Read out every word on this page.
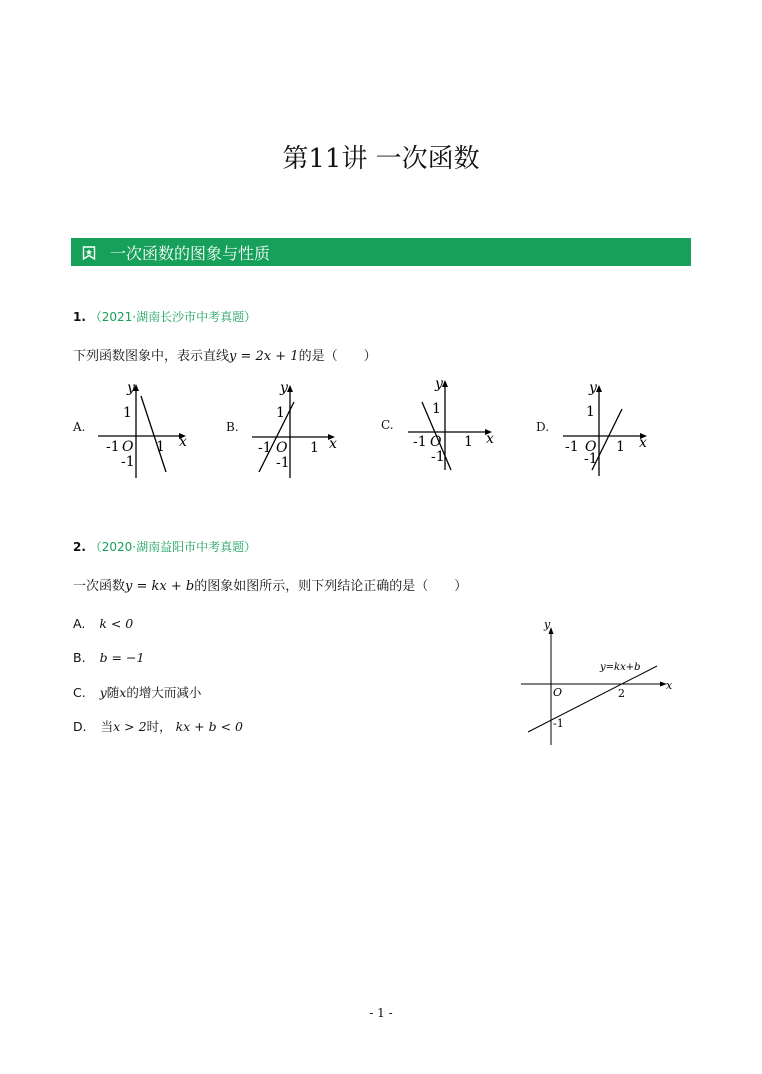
第11讲 一次函数
一次函数的图象与性质
1. （2021·湖南长沙市中考真题）
下列函数图象中，表示直线y = 2x + 1的是（　　）
A.	B.	C.	D.
y
x
O
1
-1	1
-1
y
x
O
1
-1	1
-1
y
x
O
1
-1	1
-1
y
x
O
1
-1	1
-1
y
x
O
y=kx+b
2
-1
2. （2020·湖南益阳市中考真题）
一次函数y = kx + b的图象如图所示，则下列结论正确的是（　　）
A. k < 0
B. b = −1
C. y随x的增大而减小
D. 当x > 2时， kx + b < 0
- 1 -
